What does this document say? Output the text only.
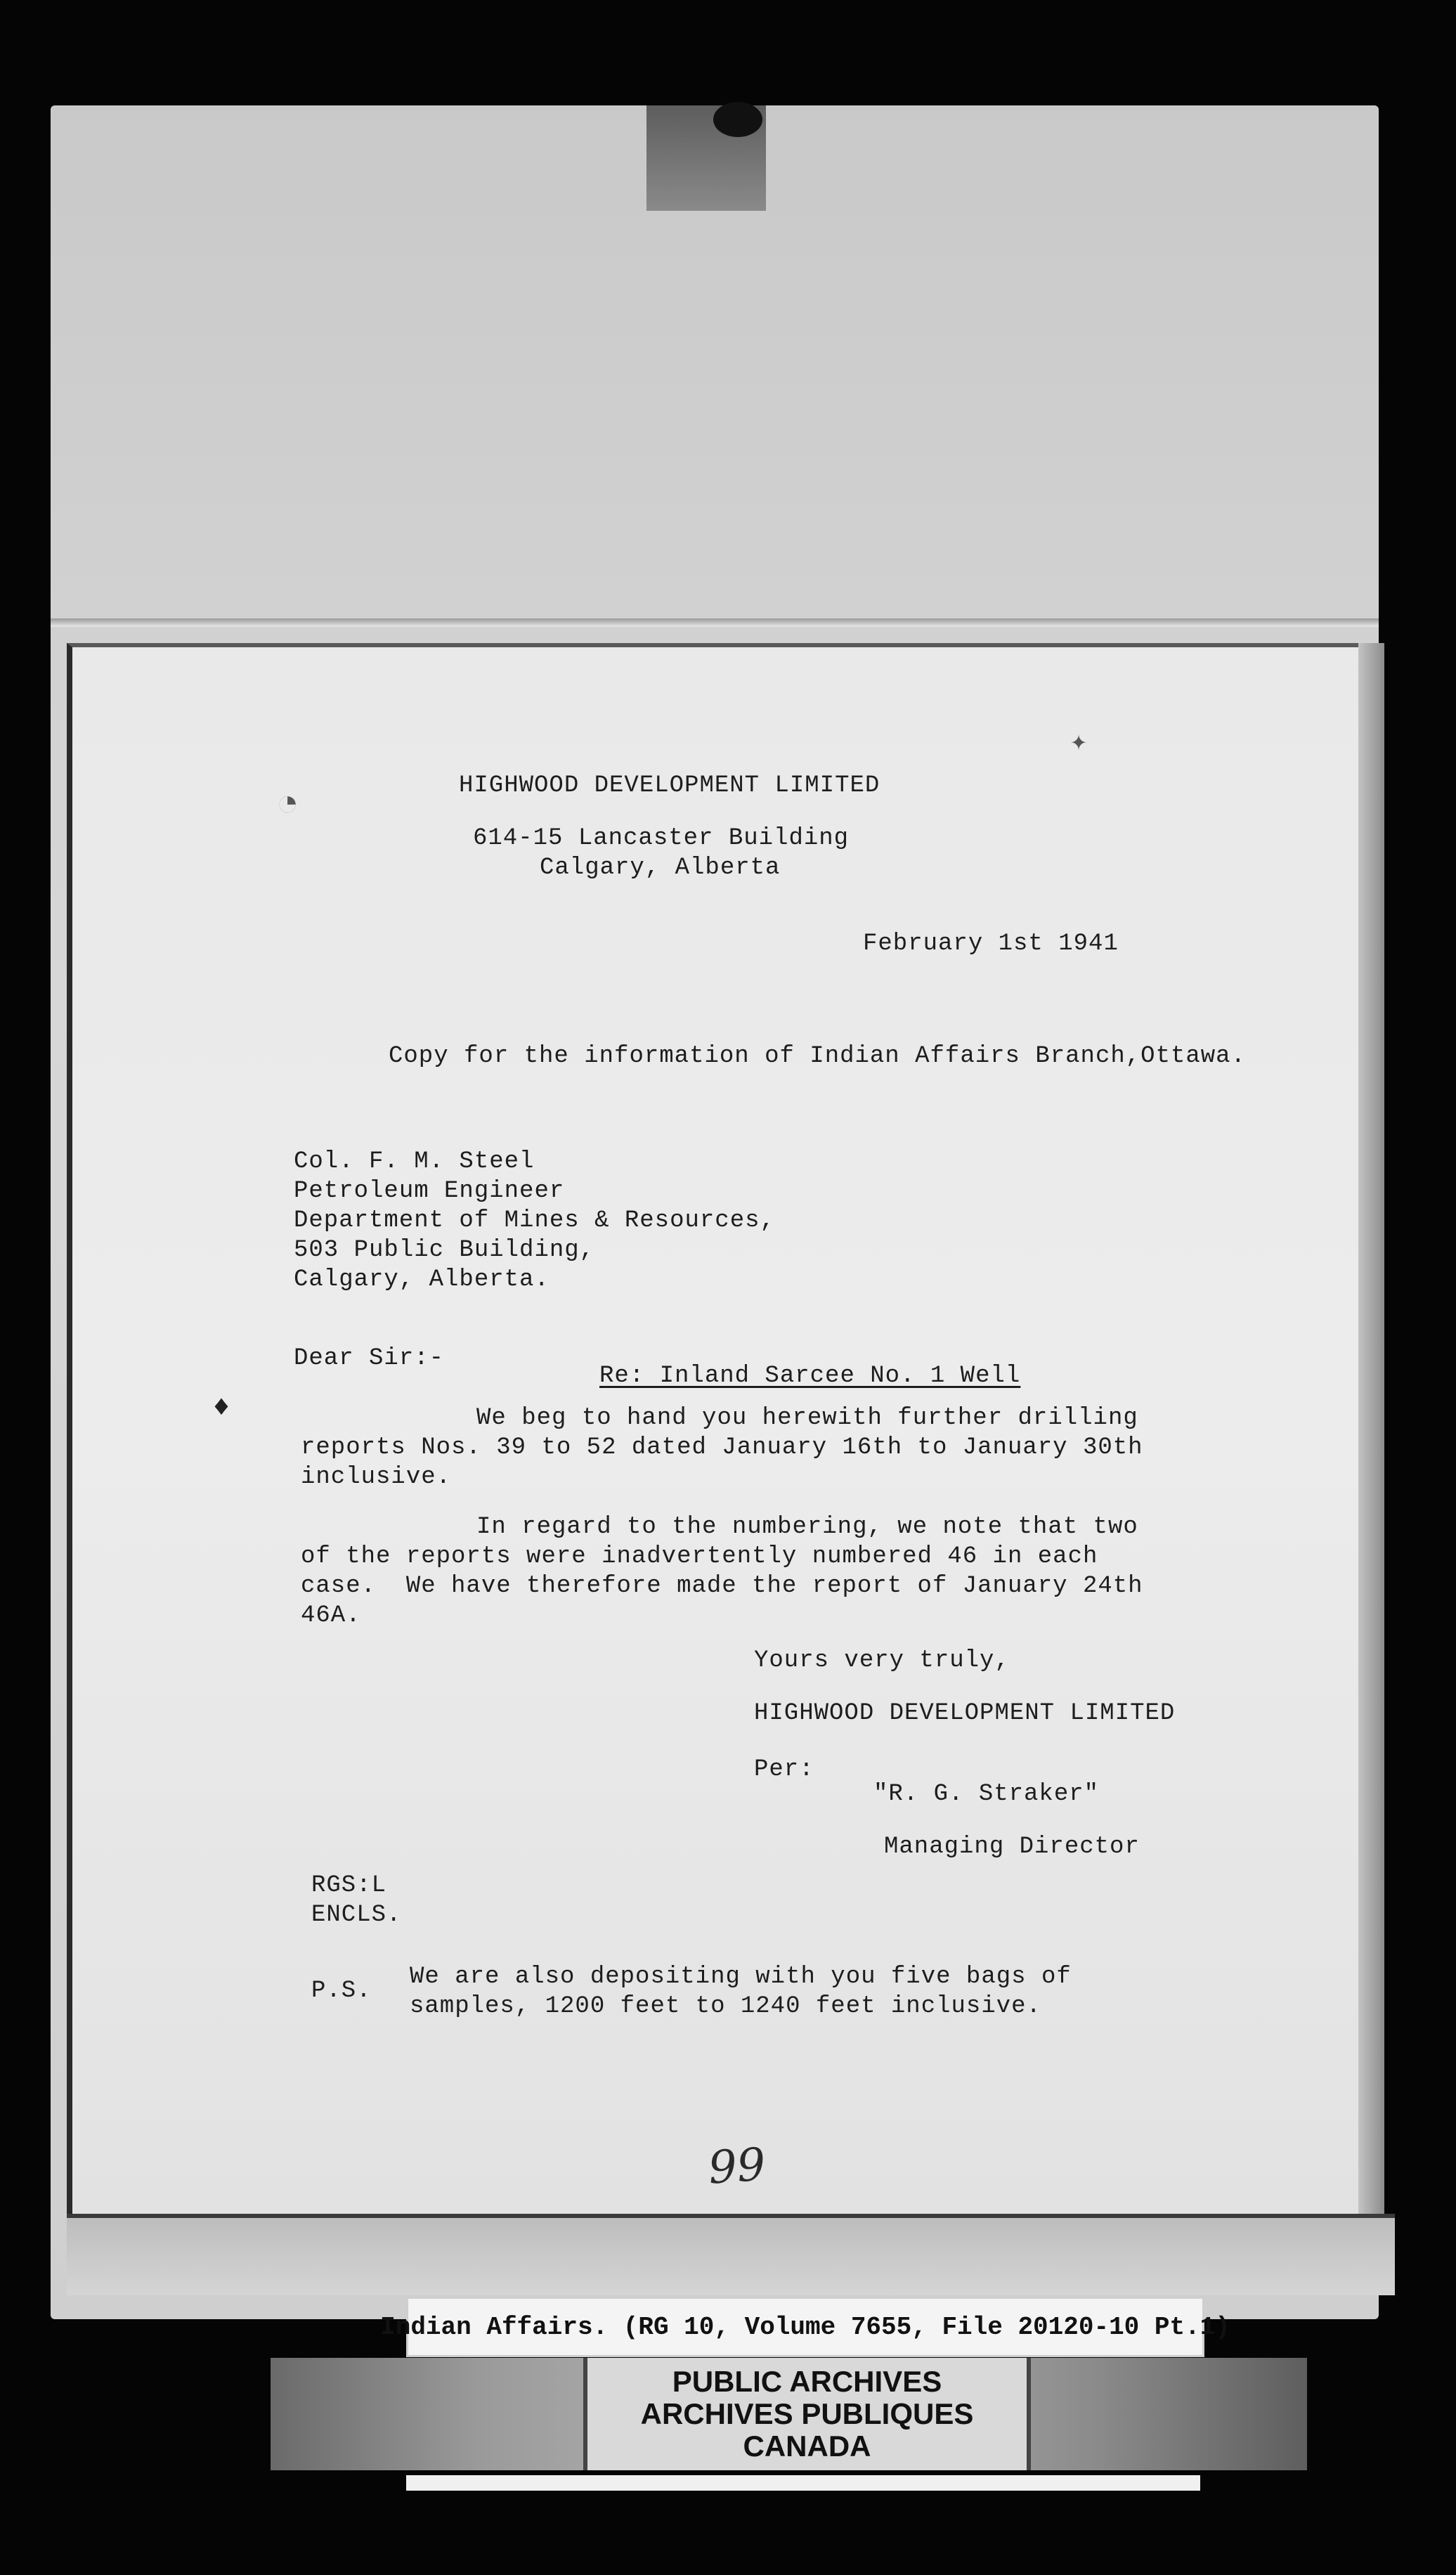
◔
✦
HIGHWOOD DEVELOPMENT LIMITED
614-15 Lancaster Building
Calgary, Alberta
February 1st 1941
Copy for the information of Indian Affairs Branch,Ottawa.
Col. F. M. Steel
Petroleum Engineer
Department of Mines & Resources,
503 Public Building,
Calgary, Alberta.
Dear Sir:-
Re: Inland Sarcee No. 1 Well
♦	We beg to hand you herewith further drilling
reports Nos. 39 to 52 dated January 16th to January 30th
inclusive.
In regard to the numbering, we note that two
of the reports were inadvertently numbered 46 in each
case.  We have therefore made the report of January 24th
46A.
Yours very truly,
HIGHWOOD DEVELOPMENT LIMITED
Per:
"R. G. Straker"
Managing Director
RGS:L
ENCLS.
P.S.
We are also depositing with you five bags of
samples, 1200 feet to 1240 feet inclusive.
99
Indian Affairs. (RG 10, Volume 7655, File 20120-10 Pt.1)
PUBLIC ARCHIVES
ARCHIVES PUBLIQUES
CANADA
